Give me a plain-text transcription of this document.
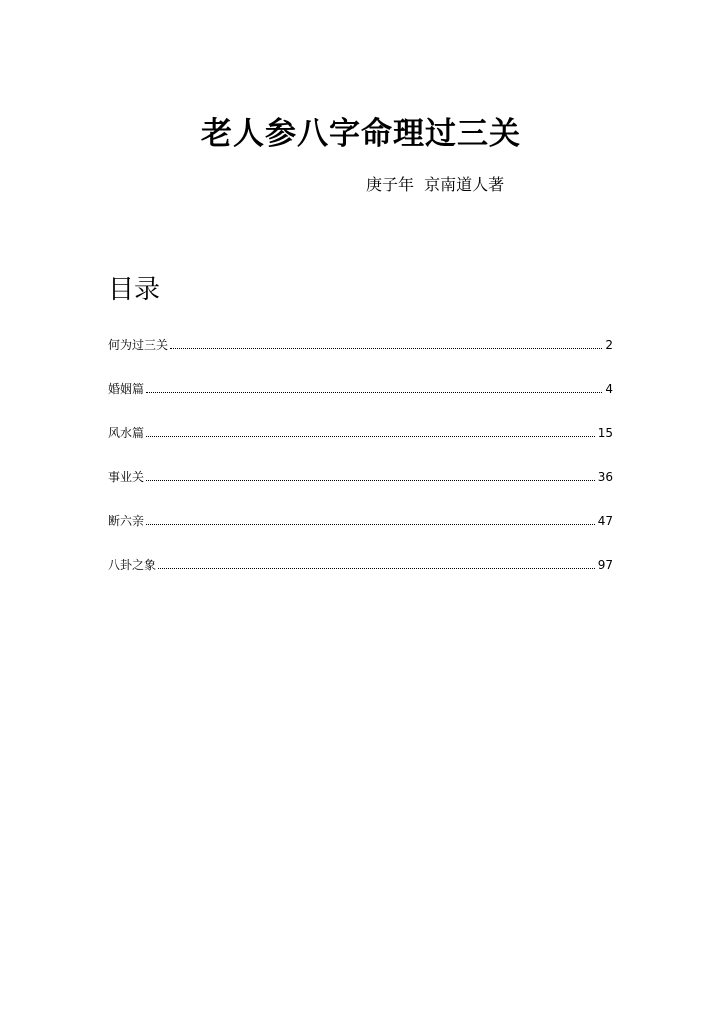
老人参八字命理过三关

庚子年  京南道人著

目录
何为过三关	2
婚姻篇	4
风水篇	15
事业关	36
断六亲	47
八卦之象	97
